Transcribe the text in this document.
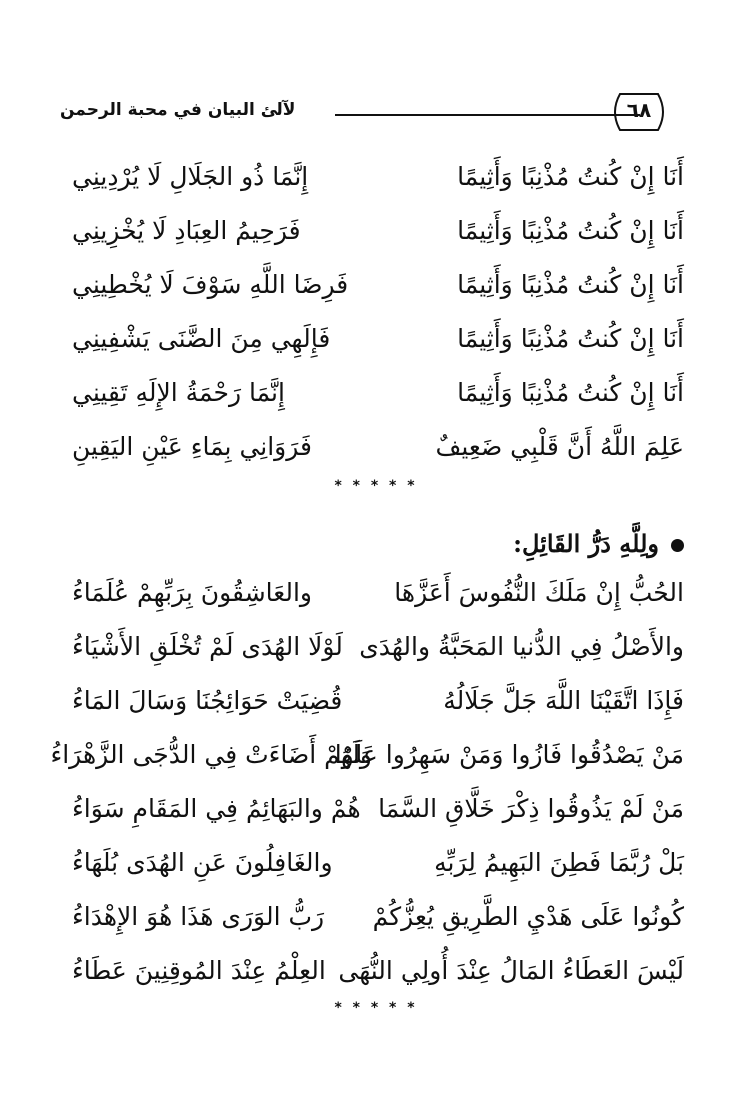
لآلئ البيان في محبة الرحمن	٦٨
أَنَا إِنْ كُنتُ مُذْنِبًا وَأَثِيمًا
إِنَّمَا ذُو الجَلَالِ لَا يُرْدِينِي
أَنَا إِنْ كُنتُ مُذْنِبًا وَأَثِيمًا
فَرَحِيمُ العِبَادِ لَا يُخْزِينِي
أَنَا إِنْ كُنتُ مُذْنِبًا وَأَثِيمًا
فَرِضَا اللَّهِ سَوْفَ لَا يُخْطِينِي
أَنَا إِنْ كُنتُ مُذْنِبًا وَأَثِيمًا
فَإِلَهِي مِنَ الضَّنَى يَشْفِينِي
أَنَا إِنْ كُنتُ مُذْنِبًا وَأَثِيمًا
إِنَّمَا رَحْمَةُ الإِلَهِ تَقِينِي
عَلِمَ اللَّهُ أَنَّ قَلْبِي ضَعِيفٌ
فَرَوَانِي بِمَاءِ عَيْنِ اليَقِينِ
* * * * *
ولِلَّهِ دَرُّ القَائِلِ:
الحُبُّ إِنْ مَلَكَ النُّفُوسَ أَعَزَّهَا
والعَاشِقُونَ بِرَبِّهِمْ عُلَمَاءُ
والأَصْلُ فِي الدُّنيا المَحَبَّةُ والهُدَى
لَوْلَا الهُدَى لَمْ تُخْلَقِ الأَشْيَاءُ
فَإِذَا اتَّقَيْنَا اللَّهَ جَلَّ جَلَالُهُ
قُضِيَتْ حَوَائِجُنَا وَسَالَ المَاءُ
مَنْ يَصْدُقُوا فَازُوا وَمَنْ سَهِرُوا عَلَوْا
وَلَهُمْ أَضَاءَتْ فِي الدُّجَى الزَّهْرَاءُ
مَنْ لَمْ يَذُوقُوا ذِكْرَ خَلَّاقِ السَّمَا
هُمْ والبَهَائِمُ فِي المَقَامِ سَوَاءُ
بَلْ رُبَّمَا فَطِنَ البَهِيمُ لِرَبِّهِ
والغَافِلُونَ عَنِ الهُدَى بُلَهَاءُ
كُونُوا عَلَى هَدْيِ الطَّرِيقِ يُعِزُّكُمْ
رَبُّ الوَرَى هَذَا هُوَ الإِهْدَاءُ
لَيْسَ العَطَاءُ المَالُ عِنْدَ أُولِي النُّهَى
العِلْمُ عِنْدَ المُوقِنِينَ عَطَاءُ
* * * * *
